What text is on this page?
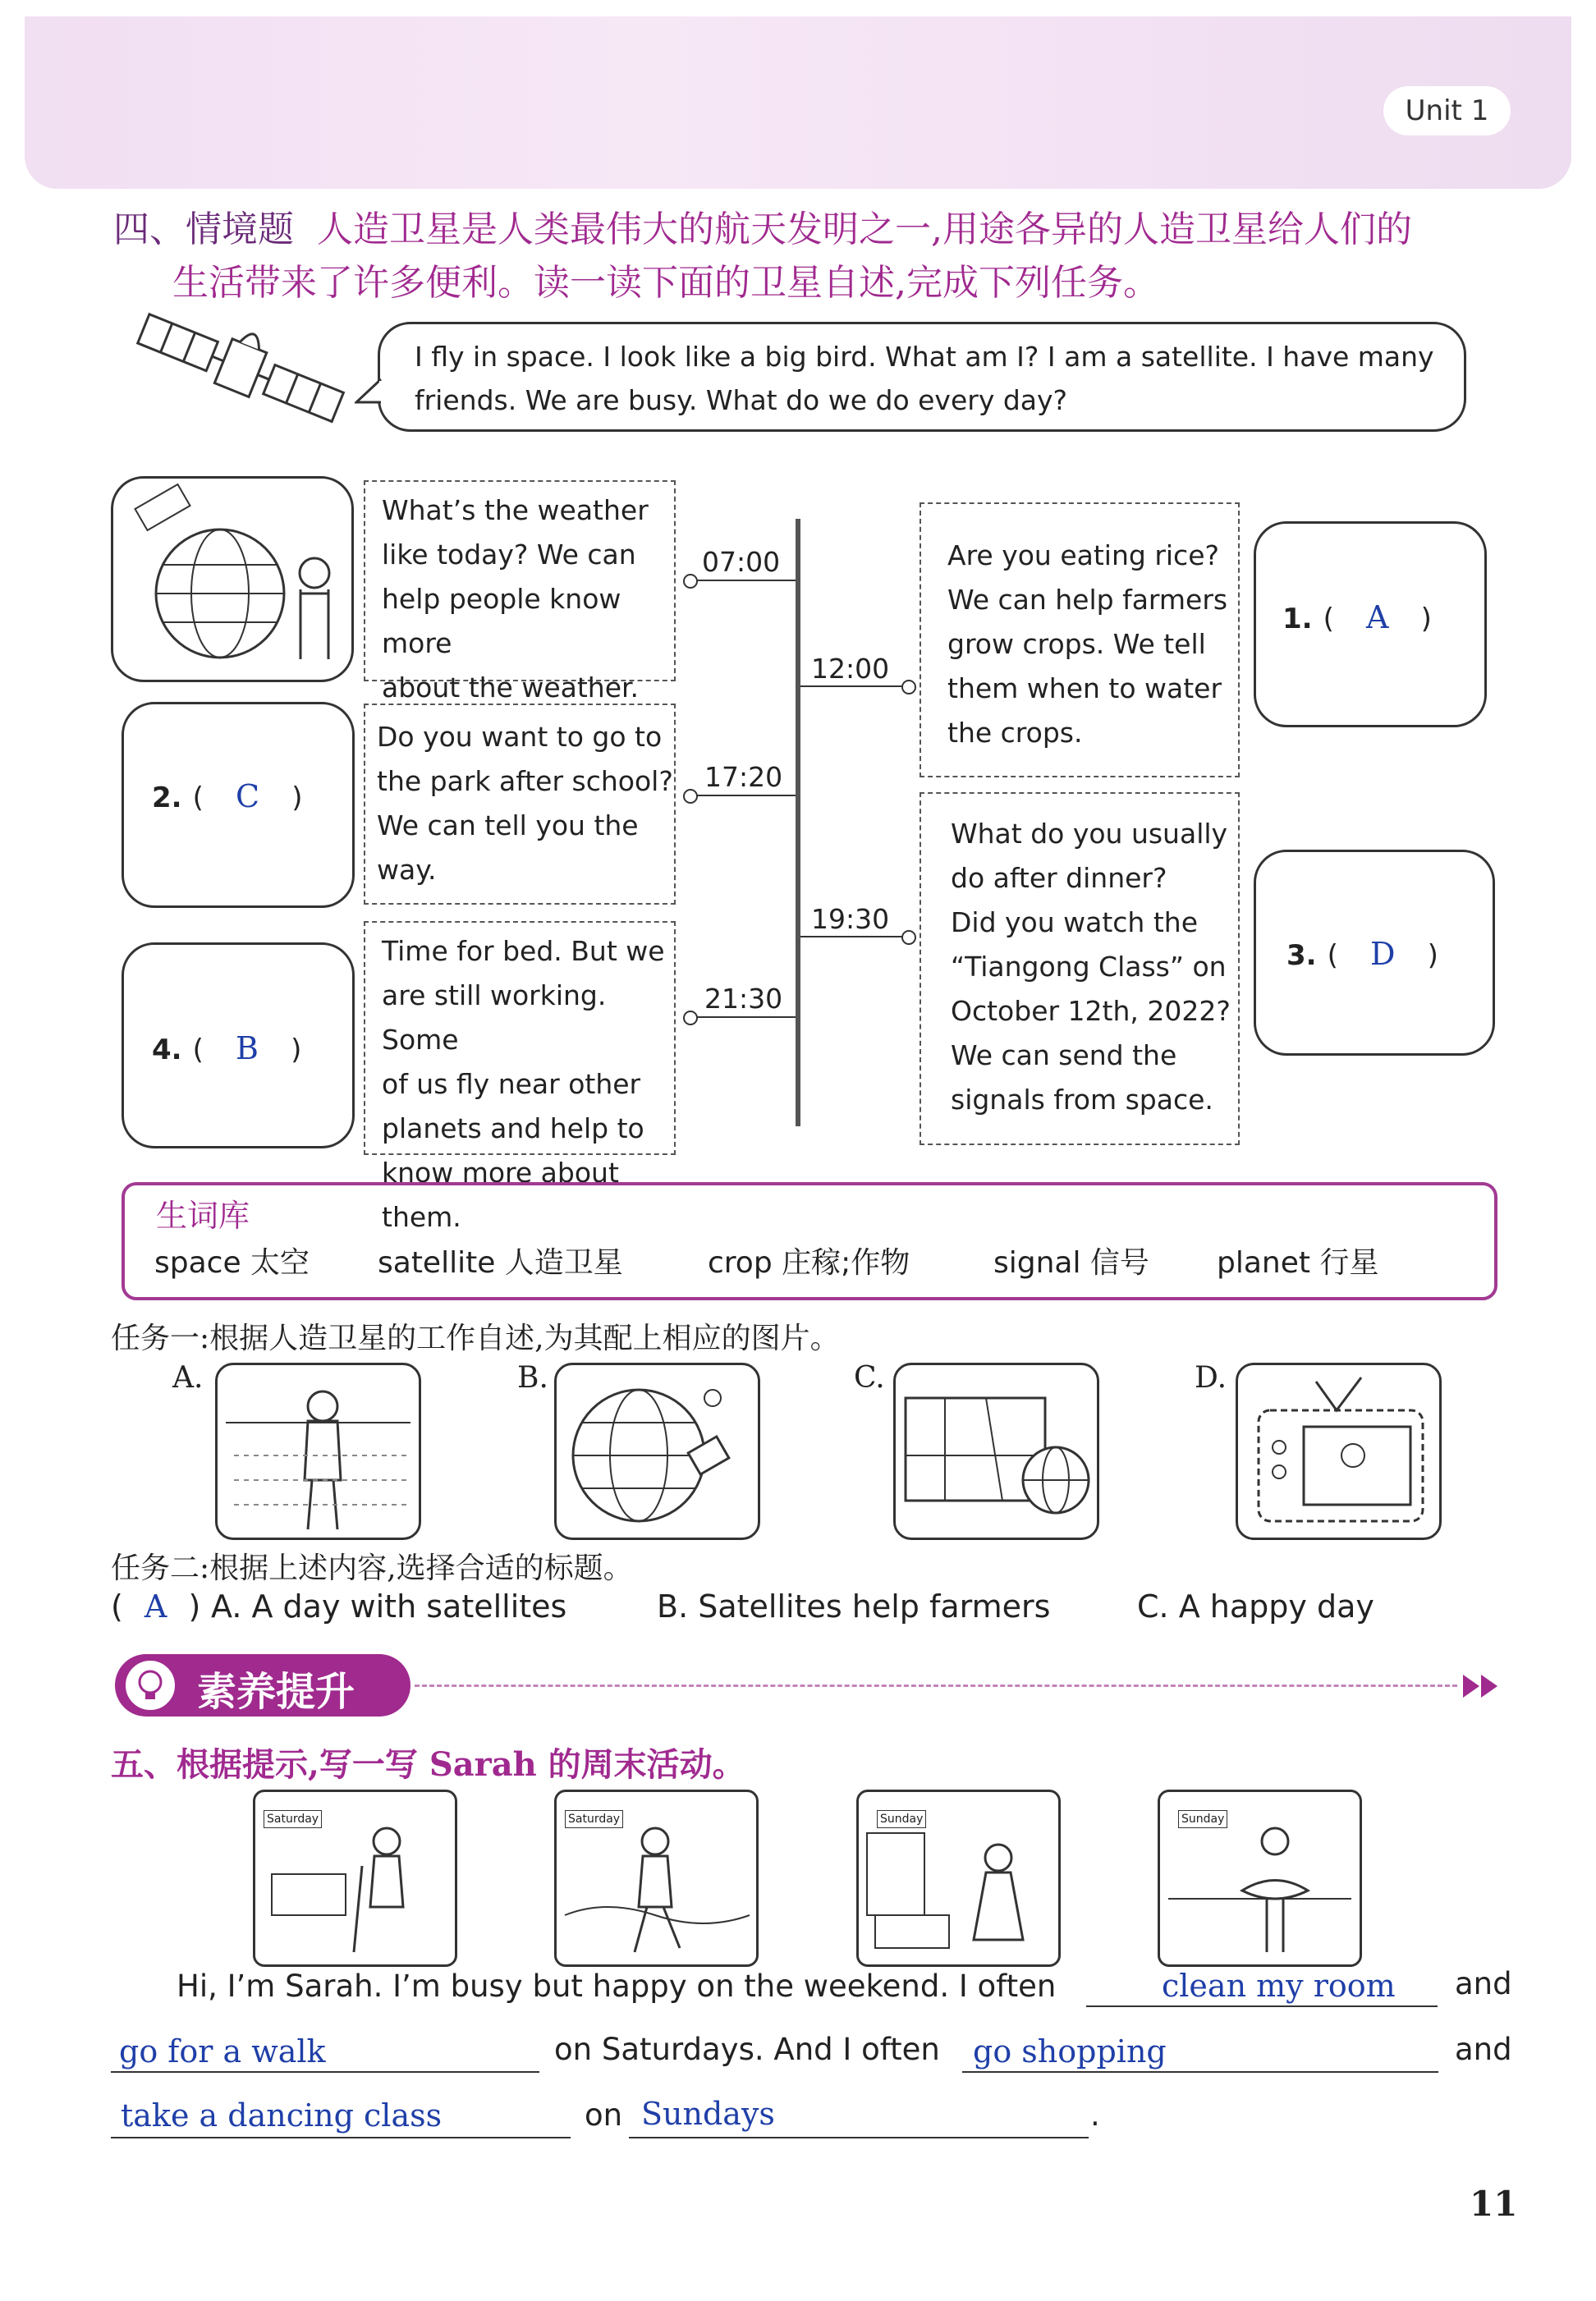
Unit 1
四、情境题 人造卫星是人类最伟大的航天发明之一,用途各异的人造卫星给人们的
生活带来了许多便利。读一读下面的卫星自述,完成下列任务。
I fly in space. I look like a big bird. What am I? I am a satellite. I have many
friends. We are busy. What do we do every day?
1. ( A )
2. ( C )
3. ( D )
4. ( B )
What’s the weather
like today? We can
help people know more
about the weather.
Are you eating rice?
We can help farmers
grow crops. We tell
them when to water
the crops.
Do you want to go to
the park after school?
We can tell you the
way.
What do you usually
do after dinner?
Did you watch the
“Tiangong Class” on
October 12th, 2022?
We can send the
signals from space.
Time for bed. But we
are still working. Some
of us fly near other
planets and help to
know more about them.
07:00
12:00
17:20
19:30
21:30
生词库
space 太空 satellite 人造卫星	crop 庄稼;作物	signal 信号 planet 行星
任务一:根据人造卫星的工作自述,为其配上相应的图片。
A.	B.	C.	D.
任务二:根据上述内容,选择合适的标题。
( A ) A. A day with satellites	B. Satellites help farmers	C. A happy day
素养提升
五、根据提示,写一写 Sarah 的周末活动。
Saturday	Saturday	Sunday	Sunday
Hi, I’m Sarah. I’m busy but happy on the weekend. I often	clean my room and
go for a walk	on Saturdays. And I often go shopping	and
take a dancing class	on Sundays	.
11
